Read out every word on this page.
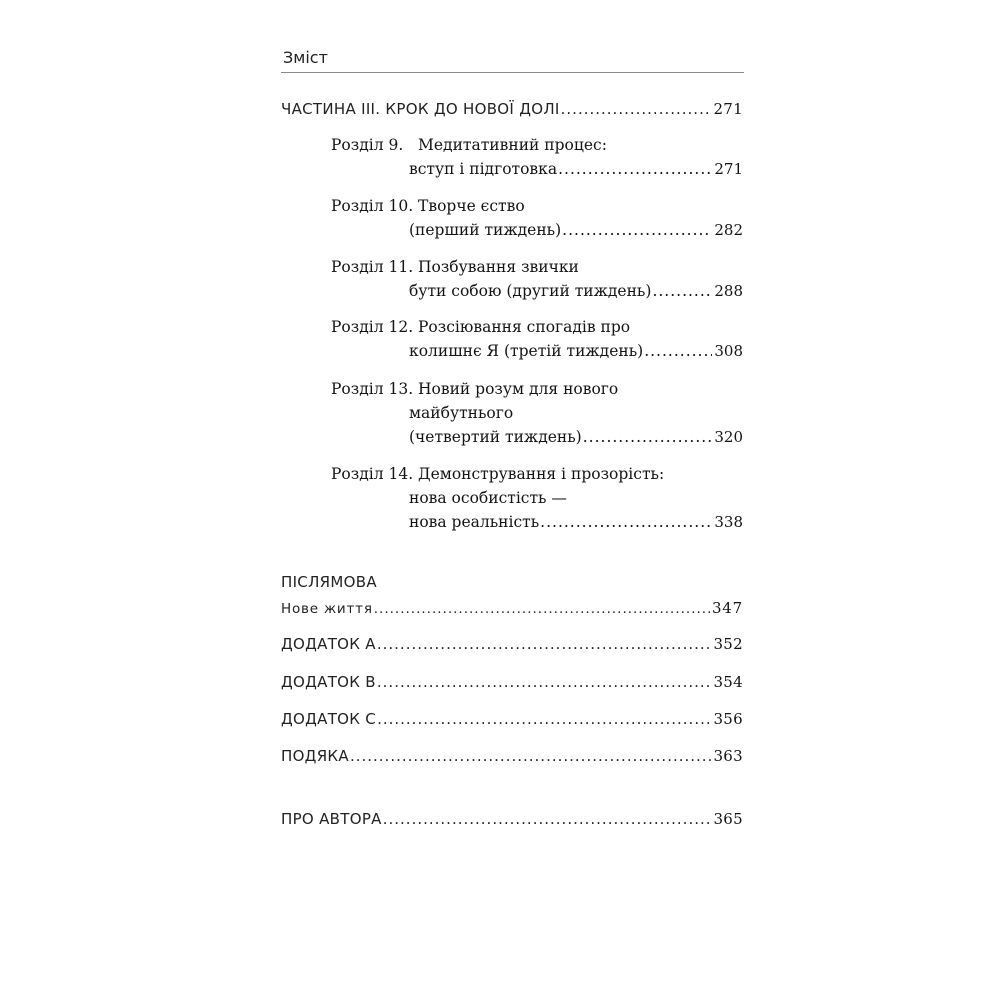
Зміст
ЧАСТИНА III. КРОК ДО НОВОЇ ДОЛІ .....	271
Розділ 9. Медитативний процес:
вступ і підготовка .....	271
Розділ 10. Творче єство
(перший тиждень) .....	282
Розділ 11. Позбування звички
бути собою (другий тиждень) .....	288
Розділ 12. Розсіювання спогадів про
колишнє Я (третій тиждень) .....	308
Розділ 13. Новий розум для нового
майбутнього
(четвертий тиждень) .....	320
Розділ 14. Демонстрування і прозорість:
нова особистість —
нова реальність .....	338
ПІСЛЯМОВА
Нове життя .....	347
ДОДАТОК А .....	352
ДОДАТОК В .....	354
ДОДАТОК С .....	356
ПОДЯКА .....	363
ПРО АВТОРА .....	365
